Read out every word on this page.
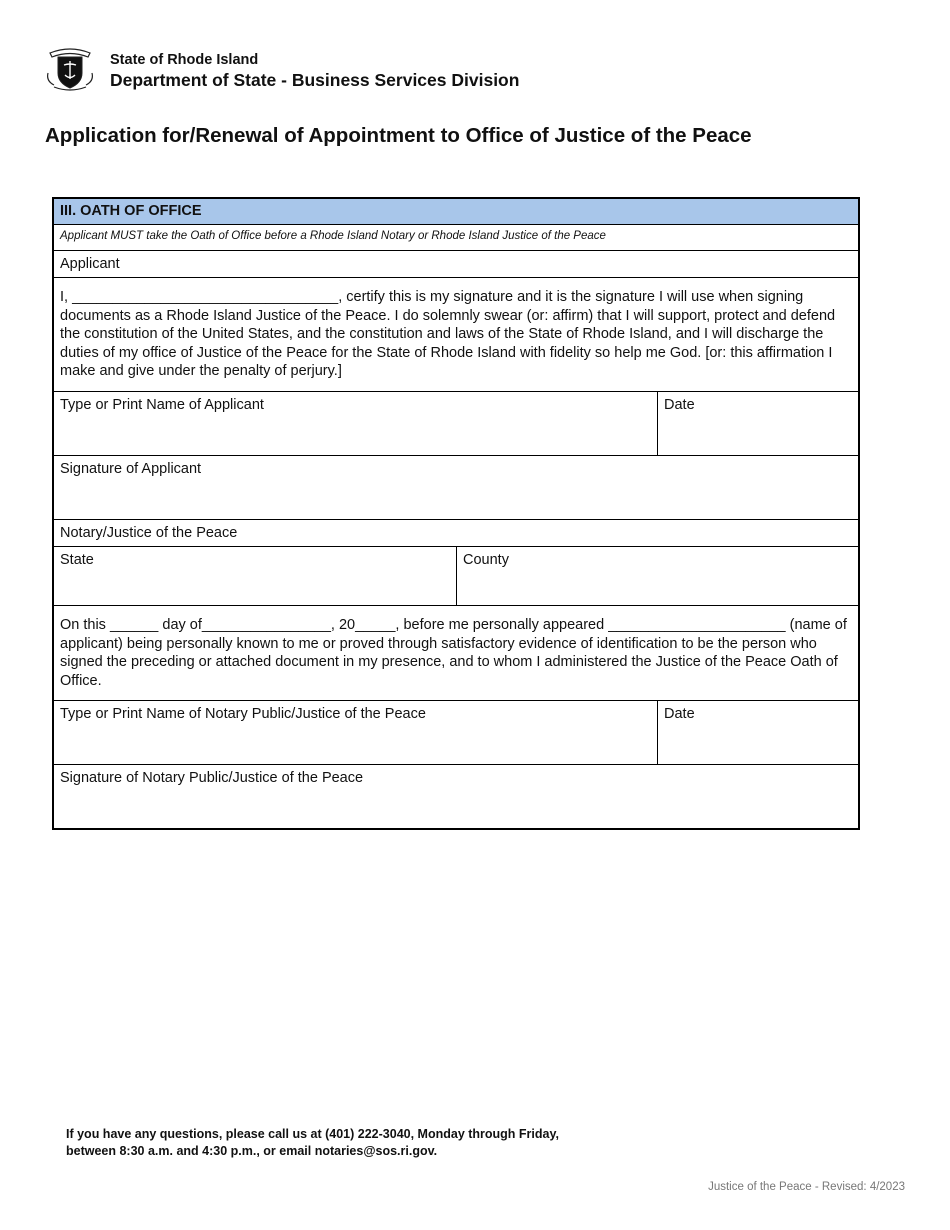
State of Rhode Island
Department of State - Business Services Division
Application for/Renewal of Appointment to Office of Justice of the Peace
III. OATH OF OFFICE
Applicant MUST take the Oath of Office before a Rhode Island Notary or Rhode Island Justice of the Peace
Applicant
I, _________________________________, certify this is my signature and it is the signature I will use when signing documents as a Rhode Island Justice of the Peace. I do solemnly swear (or: affirm) that I will support, protect and defend the constitution of the United States, and the constitution and laws of the State of Rhode Island, and I will discharge the duties of my office of Justice of the Peace for the State of Rhode Island with fidelity so help me God. [or: this affirmation I make and give under the penalty of perjury.]
Type or Print Name of Applicant	Date
Signature of Applicant
Notary/Justice of the Peace
State	County
On this ______ day of________________, 20_____, before me personally appeared ______________________ (name of applicant) being personally known to me or proved through satisfactory evidence of identification to be the person who signed the preceding or attached document in my presence, and to whom I administered the Justice of the Peace Oath of Office.
Type or Print Name of Notary Public/Justice of the Peace	Date
Signature of Notary Public/Justice of the Peace
If you have any questions, please call us at (401) 222-3040, Monday through Friday,
between 8:30 a.m. and 4:30 p.m., or email notaries@sos.ri.gov.
Justice of the Peace - Revised: 4/2023
